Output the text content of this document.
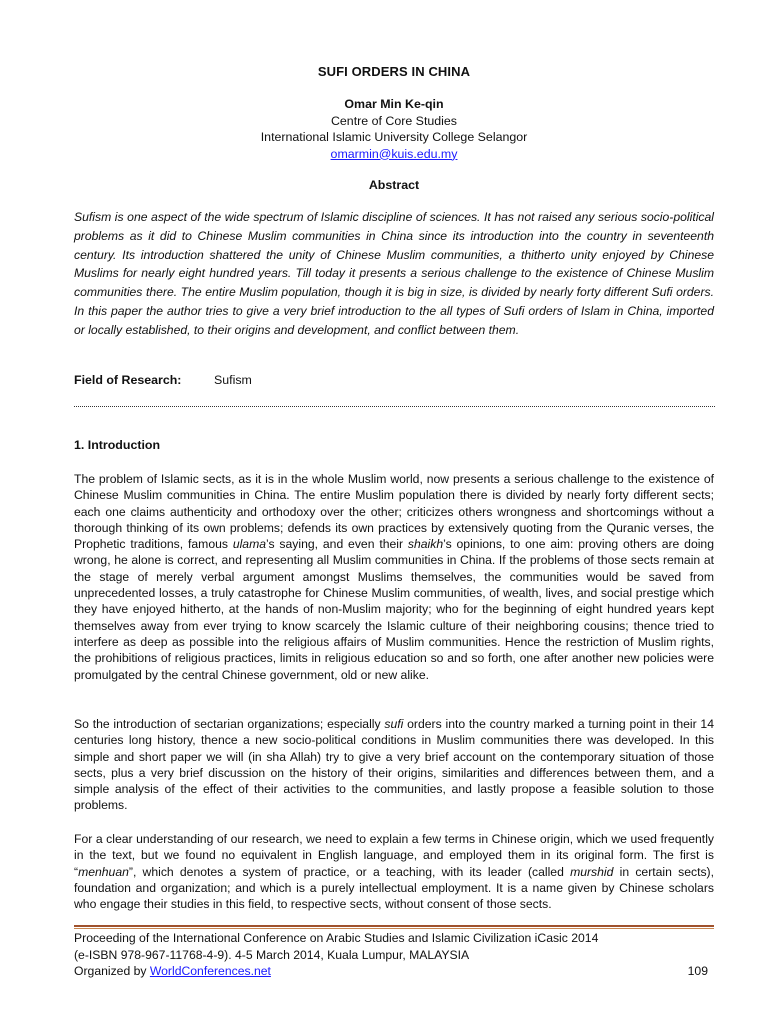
SUFI ORDERS IN CHINA
Omar Min Ke-qin
Centre of Core Studies
International Islamic University College Selangor
omarmin@kuis.edu.my
Abstract
Sufism is one aspect of the wide spectrum of Islamic discipline of sciences. It has not raised any serious socio-political problems as it did to Chinese Muslim communities in China since its introduction into the country in seventeenth century. Its introduction shattered the unity of Chinese Muslim communities, a thitherto unity enjoyed by Chinese Muslims for nearly eight hundred years. Till today it presents a serious challenge to the existence of Chinese Muslim communities there. The entire Muslim population, though it is big in size, is divided by nearly forty different Sufi orders. In this paper the author tries to give a very brief introduction to the all types of Sufi orders of Islam in China, imported or locally established, to their origins and development, and conflict between them.
Field of Research:	Sufism
1. Introduction

The problem of Islamic sects, as it is in the whole Muslim world, now presents a serious challenge to the existence of Chinese Muslim communities in China. The entire Muslim population there is divided by nearly forty different sects; each one claims authenticity and orthodoxy over the other; criticizes others wrongness and shortcomings without a thorough thinking of its own problems; defends its own practices by extensively quoting from the Quranic verses, the Prophetic traditions, famous ulama’s saying, and even their shaikh’s opinions, to one aim: proving others are doing wrong, he alone is correct, and representing all Muslim communities in China. If the problems of those sects remain at the stage of merely verbal argument amongst Muslims themselves, the communities would be saved from unprecedented losses, a truly catastrophe for Chinese Muslim communities, of wealth, lives, and social prestige which they have enjoyed hitherto, at the hands of non-Muslim majority; who for the beginning of eight hundred years kept themselves away from ever trying to know scarcely the Islamic culture of their neighboring cousins; thence tried to interfere as deep as possible into the religious affairs of Muslim communities. Hence the restriction of Muslim rights, the prohibitions of religious practices, limits in religious education so and so forth, one after another new policies were promulgated by the central Chinese government, old or new alike.

So the introduction of sectarian organizations; especially sufi orders into the country marked a turning point in their 14 centuries long history, thence a new socio-political conditions in Muslim communities there was developed. In this simple and short paper we will (in sha Allah) try to give a very brief account on the contemporary situation of those sects, plus a very brief discussion on the history of their origins, similarities and differences between them, and a simple analysis of the effect of their activities to the communities, and lastly propose a feasible solution to those problems.

For a clear understanding of our research, we need to explain a few terms in Chinese origin, which we used frequently in the text, but we found no equivalent in English language, and employed them in its original form. The first is “menhuan”, which denotes a system of practice, or a teaching, with its leader (called murshid in certain sects), foundation and organization; and which is a purely intellectual employment. It is a name given by Chinese scholars who engage their studies in this field, to respective sects, without consent of those sects.

Proceeding of the International Conference on Arabic Studies and Islamic Civilization iCasic 2014
(e-ISBN 978-967-11768-4-9). 4-5 March 2014, Kuala Lumpur, MALAYSIA
Organized by WorldConferences.net	109
